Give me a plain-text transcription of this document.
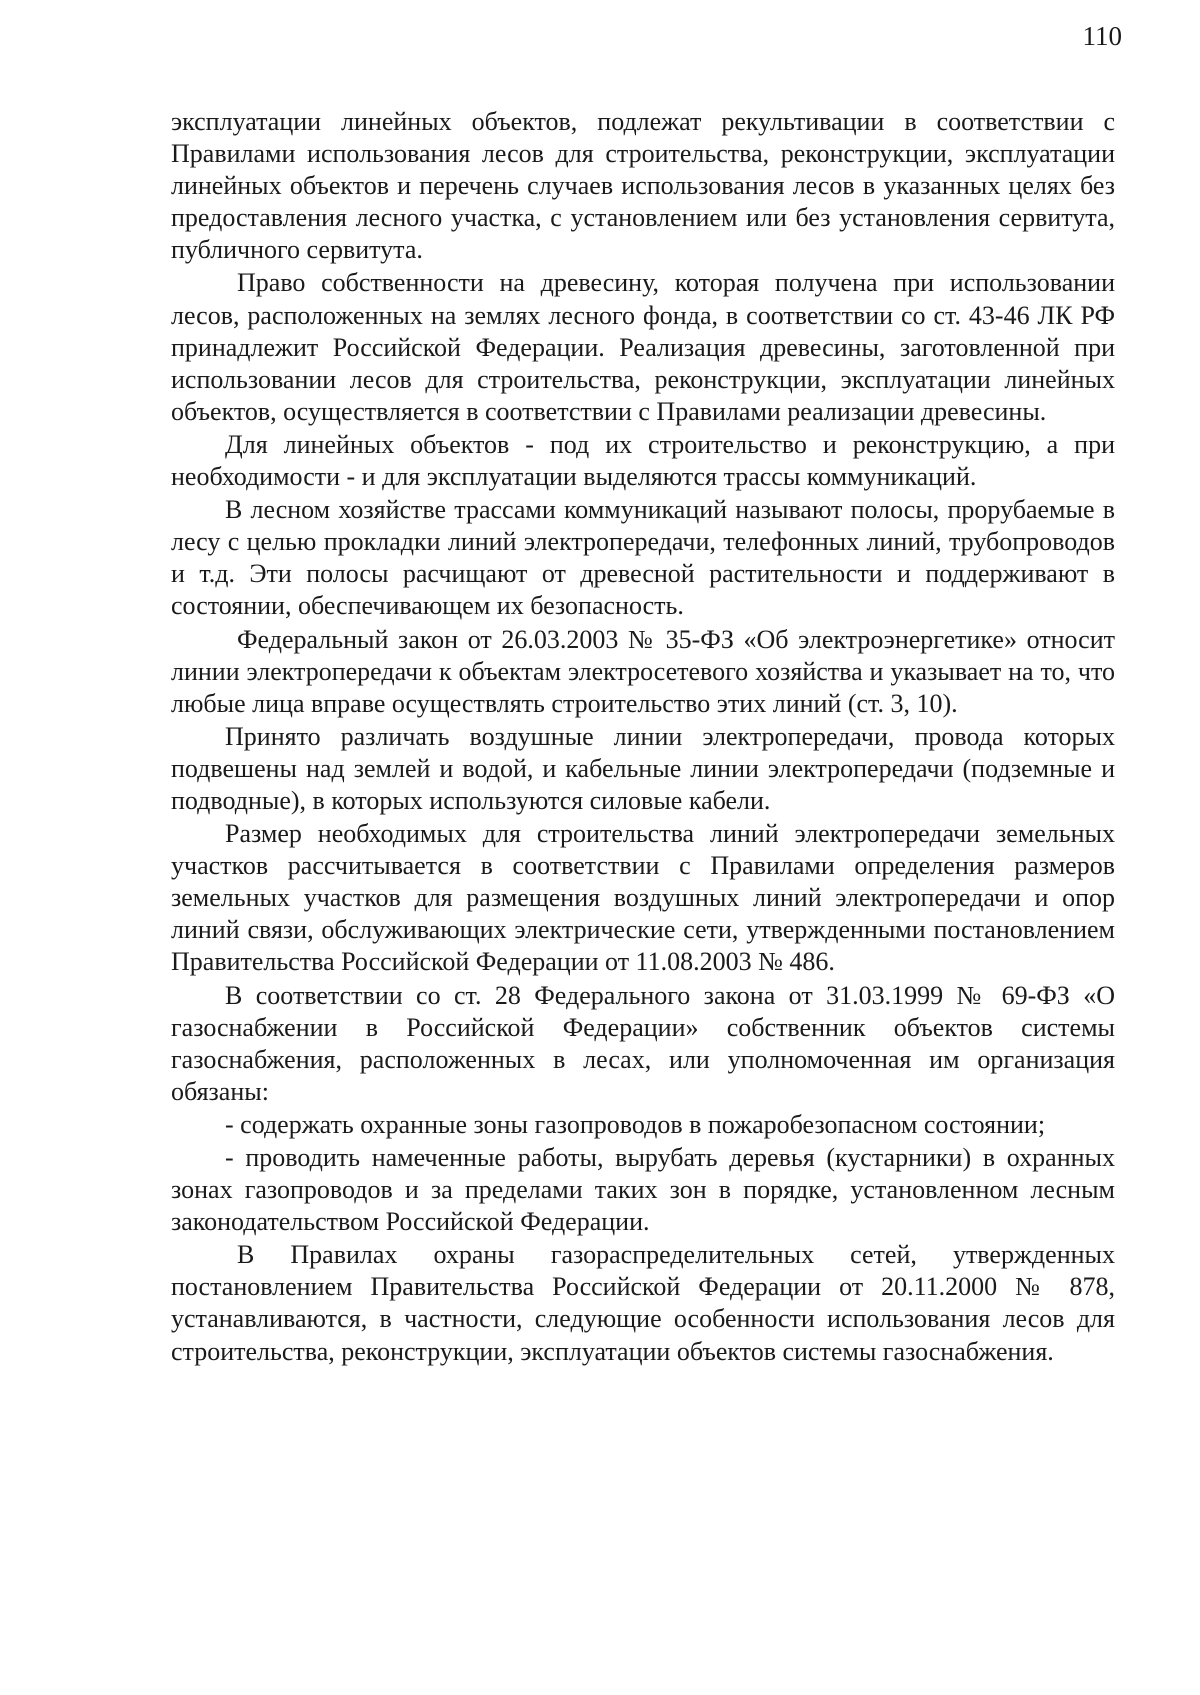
110

эксплуатации линейных объектов, подлежат рекультивации в соответствии с Правилами использования лесов для строительства, реконструкции, эксплуатации линейных объектов и перечень случаев использования лесов в указанных целях без предоставления лесного участка, с установлением или без установления сервитута, публичного сервитута.

Право собственности на древесину, которая получена при использовании лесов, расположенных на землях лесного фонда, в соответствии со ст. 43-46 ЛК РФ принадлежит Российской Федерации. Реализация древесины, заготовленной при использовании лесов для строительства, реконструкции, эксплуатации линейных объектов, осуществляется в соответствии с Правилами реализации древесины.

Для линейных объектов - под их строительство и реконструкцию, а при необходимости - и для эксплуатации выделяются трассы коммуникаций.

В лесном хозяйстве трассами коммуникаций называют полосы, прорубаемые в лесу с целью прокладки линий электропередачи, телефонных линий, трубопроводов и т.д. Эти полосы расчищают от древесной растительности и поддерживают в состоянии, обеспечивающем их безопасность.

Федеральный закон от 26.03.2003 № 35-ФЗ «Об электроэнергетике» относит линии электропередачи к объектам электросетевого хозяйства и указывает на то, что любые лица вправе осуществлять строительство этих линий (ст. 3, 10).

Принято различать воздушные линии электропередачи, провода которых подвешены над землей и водой, и кабельные линии электропередачи (подземные и подводные), в которых используются силовые кабели.

Размер необходимых для строительства линий электропередачи земельных участков рассчитывается в соответствии с Правилами определения размеров земельных участков для размещения воздушных линий электропередачи и опор линий связи, обслуживающих электрические сети, утвержденными постановлением Правительства Российской Федерации от 11.08.2003 № 486.

В соответствии со ст. 28 Федерального закона от 31.03.1999 № 69-ФЗ «О газоснабжении в Российской Федерации» собственник объектов системы газоснабжения, расположенных в лесах, или уполномоченная им организация обязаны:

- содержать охранные зоны газопроводов в пожаробезопасном состоянии;

- проводить намеченные работы, вырубать деревья (кустарники) в охранных зонах газопроводов и за пределами таких зон в порядке, установленном лесным законодательством Российской Федерации.

В Правилах охраны газораспределительных сетей, утвержденных постановлением Правительства Российской Федерации от 20.11.2000 № 878, устанавливаются, в частности, следующие особенности использования лесов для строительства, реконструкции, эксплуатации объектов системы газоснабжения.
